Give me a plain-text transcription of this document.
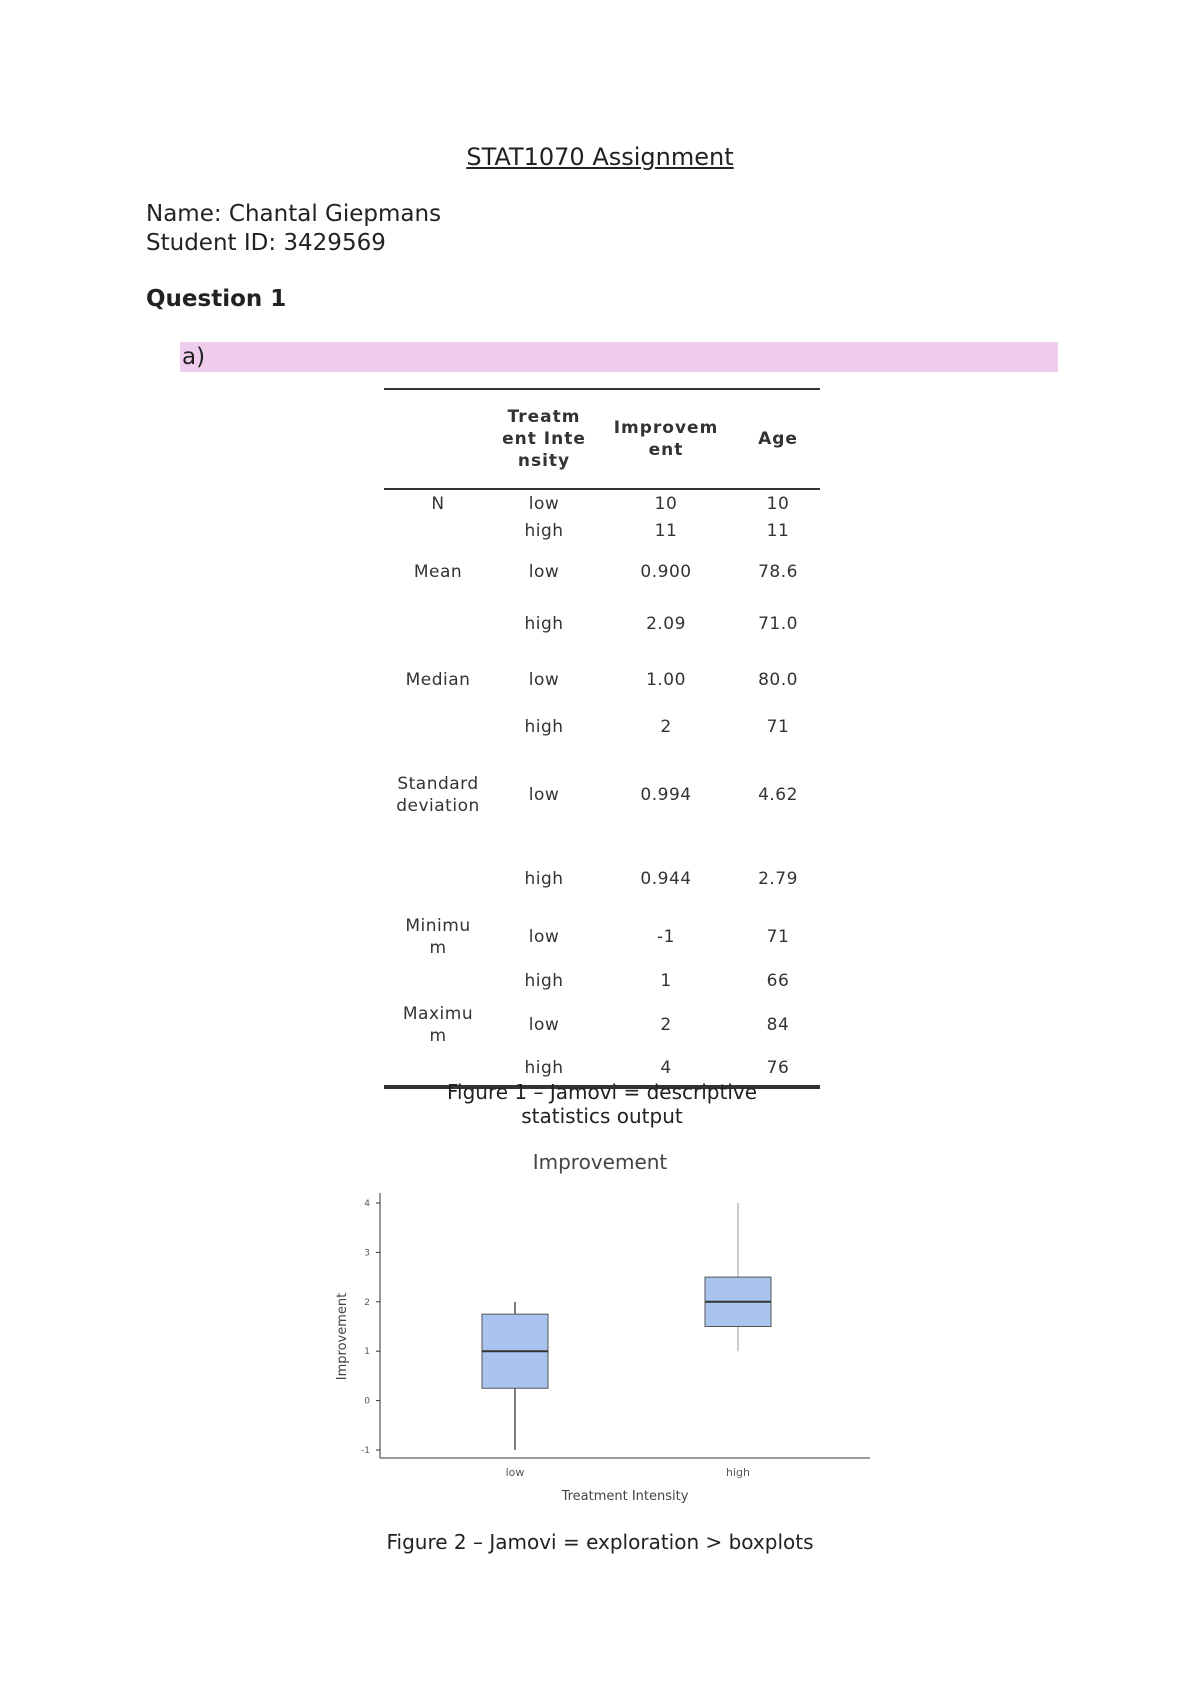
STAT1070 Assignment
Name: Chantal Giepmans
Student ID: 3429569
Question 1
a)
	Treatment Intensity	Improvement	Age
N	low	10	10
	high	11	11
Mean	low	0.900	78.6
	high	2.09	71.0
Median	low	1.00	80.0
	high	2	71
Standard deviation	low	0.994	4.62
	high	0.944	2.79
Minimum	low	-1	71
	high	1	66
Maximum	low	2	84
	high	4	76
Figure 1 – Jamovi = descriptive statistics output
Improvement
-1
0
1
2
3
4
low	high
Treatment Intensity
Improvement
Figure 2 – Jamovi = exploration > boxplots
